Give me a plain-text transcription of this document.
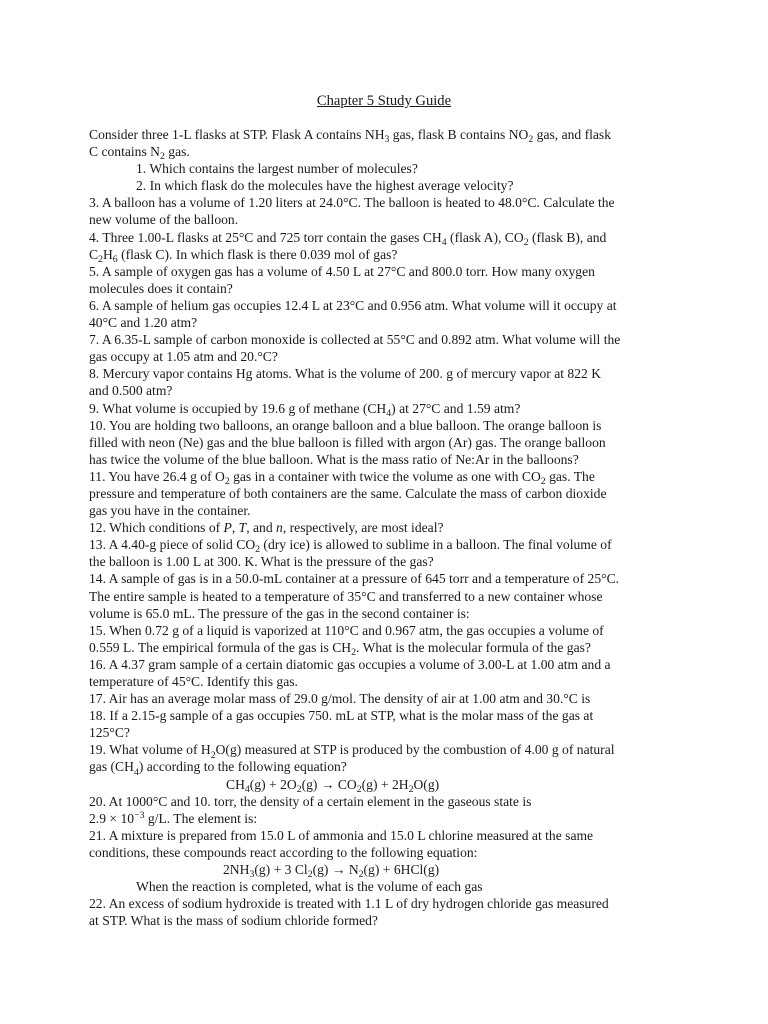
Chapter 5 Study Guide
Consider three 1-L flasks at STP. Flask A contains $NH_3$ gas, flask B contains $NO_2$ gas, and flask
C contains $N_2$ gas.
1. Which contains the largest number of molecules?
2. In which flask do the molecules have the highest average velocity?
3. A balloon has a volume of 1.20 liters at 24.0°C. The balloon is heated to 48.0°C. Calculate the
new volume of the balloon.
4. Three 1.00-L flasks at 25°C and 725 torr contain the gases $CH_4$ (flask A), $CO_2$ (flask B), and
$C_2H_6$ (flask C). In which flask is there 0.039 mol of gas?
5. A sample of oxygen gas has a volume of 4.50 L at 27°C and 800.0 torr. How many oxygen
molecules does it contain?
6. A sample of helium gas occupies 12.4 L at 23°C and 0.956 atm. What volume will it occupy at
40°C and 1.20 atm?
7. A 6.35-L sample of carbon monoxide is collected at 55°C and 0.892 atm. What volume will the
gas occupy at 1.05 atm and 20.°C?
8. Mercury vapor contains Hg atoms. What is the volume of 200. g of mercury vapor at 822 K
and 0.500 atm?
9. What volume is occupied by 19.6 g of methane $(CH_4)$ at 27°C and 1.59 atm?
10. You are holding two balloons, an orange balloon and a blue balloon. The orange balloon is
filled with neon (Ne) gas and the blue balloon is filled with argon (Ar) gas. The orange balloon
has twice the volume of the blue balloon. What is the mass ratio of Ne:Ar in the balloons?
11. You have 26.4 g of $O_2$ gas in a container with twice the volume as one with $CO_2$ gas. The
pressure and temperature of both containers are the same. Calculate the mass of carbon dioxide
gas you have in the container.
12. Which conditions of P, T, and n, respectively, are most ideal?
13. A 4.40-g piece of solid $CO_2$ (dry ice) is allowed to sublime in a balloon. The final volume of
the balloon is 1.00 L at 300. K. What is the pressure of the gas?
14. A sample of gas is in a 50.0-mL container at a pressure of 645 torr and a temperature of 25°C.
The entire sample is heated to a temperature of 35°C and transferred to a new container whose
volume is 65.0 mL. The pressure of the gas in the second container is:
15. When 0.72 g of a liquid is vaporized at 110°C and 0.967 atm, the gas occupies a volume of
0.559 L. The empirical formula of the gas is $CH_2$. What is the molecular formula of the gas?
16. A 4.37 gram sample of a certain diatomic gas occupies a volume of 3.00-L at 1.00 atm and a
temperature of 45°C. Identify this gas.
17. Air has an average molar mass of 29.0 g/mol. The density of air at 1.00 atm and 30.°C is
18. If a 2.15-g sample of a gas occupies 750. mL at STP, what is the molar mass of the gas at
125°C?
19. What volume of $H_2O(g)$ measured at STP is produced by the combustion of 4.00 g of natural
gas $(CH_4)$ according to the following equation?
$CH_4(g) + 2O_2(g) \to CO_2(g) + 2H_2O(g)$
20. At 1000°C and 10. torr, the density of a certain element in the gaseous state is
$2.9 \times 10^{-3}$ g/L. The element is:
21. A mixture is prepared from 15.0 L of ammonia and 15.0 L chlorine measured at the same
conditions, these compounds react according to the following equation:
$2NH_3(g) + 3$ $Cl_2(g) \to N_2(g) + 6HCl(g)$
When the reaction is completed, what is the volume of each gas
22. An excess of sodium hydroxide is treated with 1.1 L of dry hydrogen chloride gas measured
at STP. What is the mass of sodium chloride formed?
